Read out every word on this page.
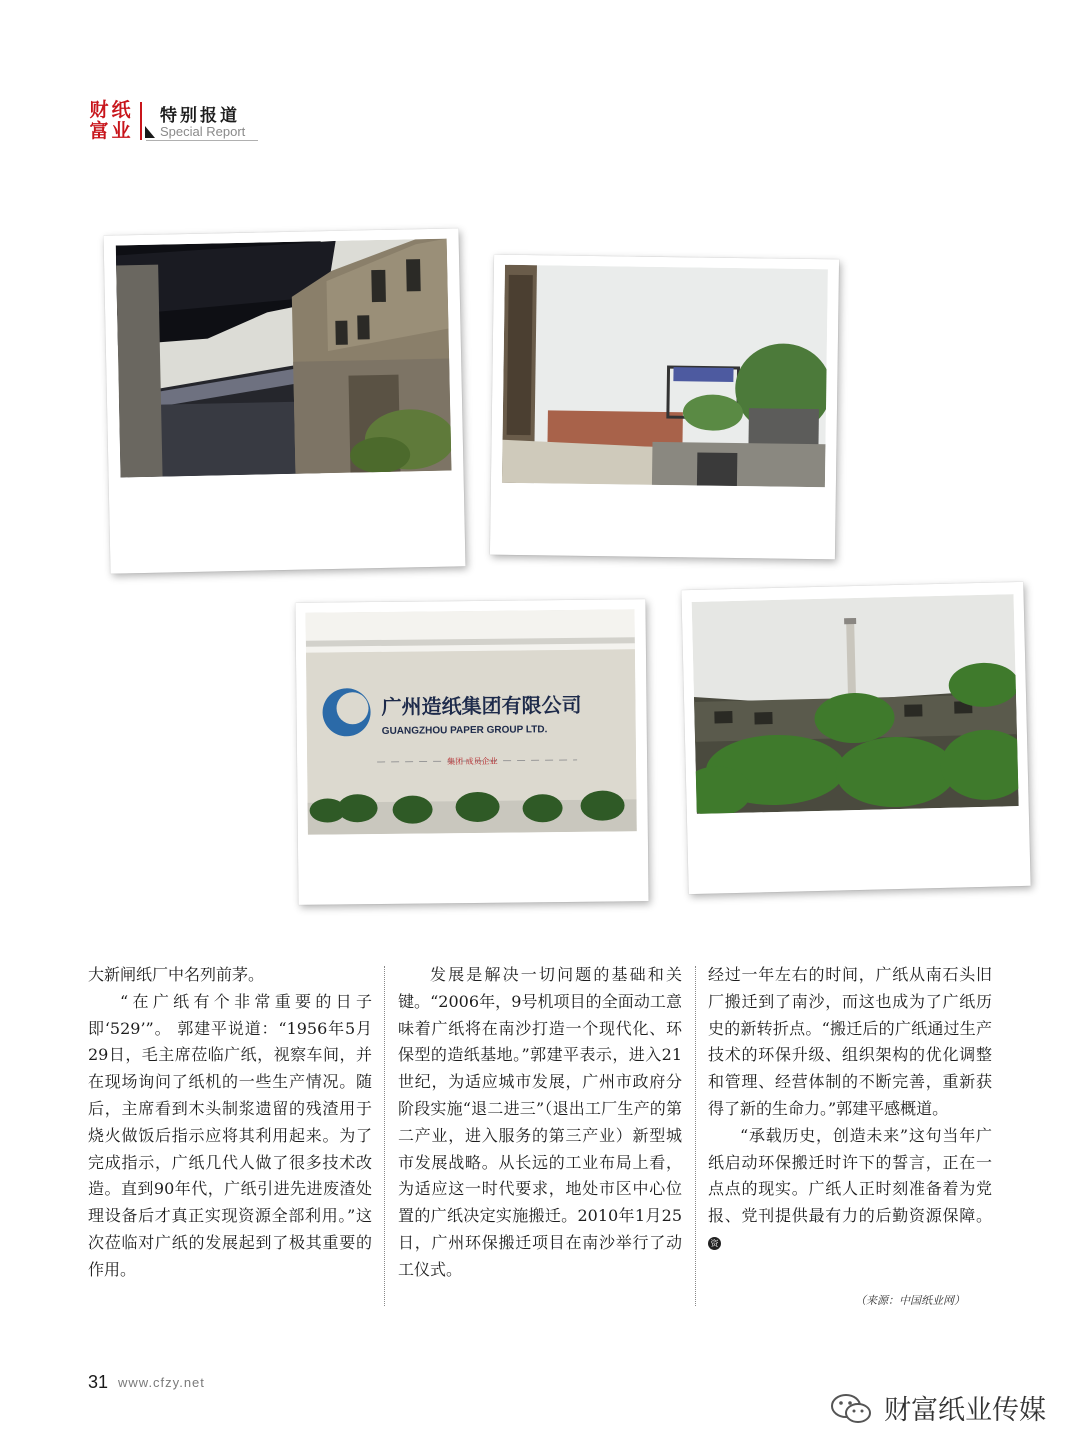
财 纸
富 业
特别报道
Special Report
广州造纸集团有限公司
GUANGZHOU PAPER GROUP LTD.
集团 成员企业

大新闸纸厂中名列前茅。

“在广纸有个非常重要的日子即‘529’”。 郭建平说道：“1956年5月29日，毛主席莅临广纸，视察车间，并在现场询问了纸机的一些生产情况。随后，主席看到木头制浆遗留的残渣用于烧火做饭后指示应将其利用起来。为了完成指示，广纸几代人做了很多技术改造。直到90年代，广纸引进先进废渣处理设备后才真正实现资源全部利用。”这次莅临对广纸的发展起到了极其重要的作用。

发展是解决一切问题的基础和关键。“2006年，9号机项目的全面动工意味着广纸将在南沙打造一个现代化、环保型的造纸基地。”郭建平表示，进入21世纪，为适应城市发展，广州市政府分阶段实施“退二进三”（退出工厂生产的第二产业，进入服务的第三产业）新型城市发展战略。从长远的工业布局上看，为适应这一时代要求，地处市区中心位置的广纸决定实施搬迁。2010年1月25日，广州环保搬迁项目在南沙举行了动工仪式。

经过一年左右的时间，广纸从南石头旧厂搬迁到了南沙，而这也成为了广纸历史的新转折点。“搬迁后的广纸通过生产技术的环保升级、组织架构的优化调整和管理、经营体制的不断完善，重新获得了新的生命力。”郭建平感概道。

“承载历史，创造未来”这句当年广纸启动环保搬迁时许下的誓言，正在一点点的现实。广纸人正时刻准备着为党报、党刊提供最有力的后勤资源保障。资

（来源：中国纸业网）
31 www.cfzy.net
财富纸业传媒
